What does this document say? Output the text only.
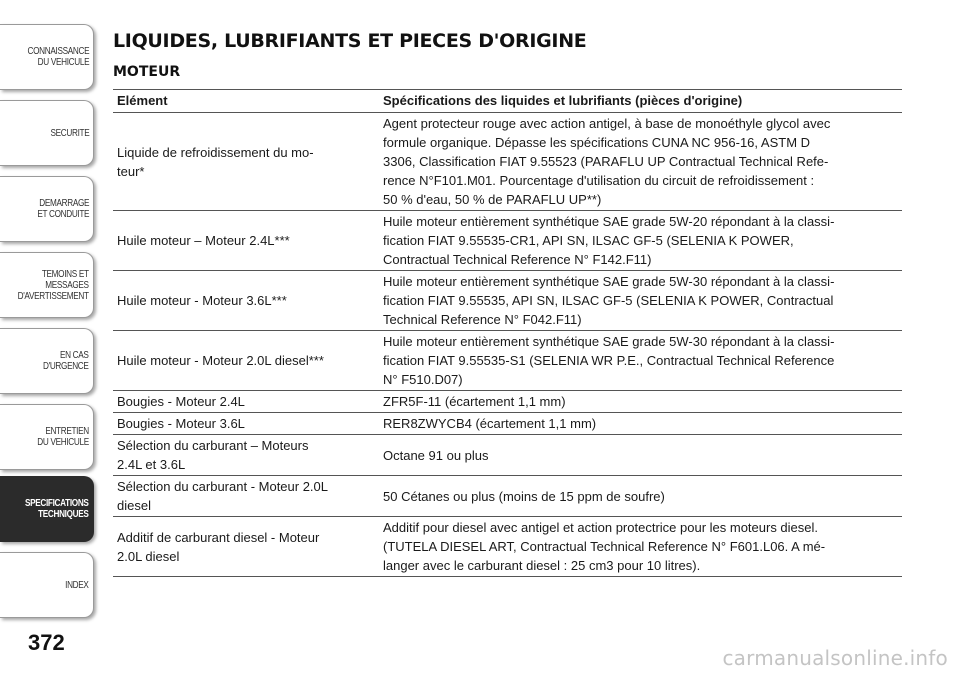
CONNAISSANCE
DU VEHICULE
SECURITE
DEMARRAGE
ET CONDUITE
TEMOINS ET
MESSAGES
D'AVERTISSEMENT
EN CAS
D'URGENCE
ENTRETIEN
DU VEHICULE
SPECIFICATIONS
TECHNIQUES
INDEX
372
LIQUIDES, LUBRIFIANTS ET PIECES D'ORIGINE
MOTEUR
Elément	Spécifications des liquides et lubrifiants (pièces d'origine)
Liquide de refroidissement du mo-
teur*	Agent protecteur rouge avec action antigel, à base de monoéthyle glycol avec
formule organique. Dépasse les spécifications CUNA NC 956-16, ASTM D
3306, Classification FIAT 9.55523 (PARAFLU UP Contractual Technical Refe-
rence N°F101.M01. Pourcentage d'utilisation du circuit de refroidissement :
50 % d'eau, 50 % de PARAFLU UP**)
Huile moteur – Moteur 2.4L***	Huile moteur entièrement synthétique SAE grade 5W-20 répondant à la classi-
fication FIAT 9.55535-CR1, API SN, ILSAC GF-5 (SELENIA K POWER,
Contractual Technical Reference N° F142.F11)
Huile moteur - Moteur 3.6L***	Huile moteur entièrement synthétique SAE grade 5W-30 répondant à la classi-
fication FIAT 9.55535, API SN, ILSAC GF-5 (SELENIA K POWER, Contractual
Technical Reference N° F042.F11)
Huile moteur - Moteur 2.0L diesel***	Huile moteur entièrement synthétique SAE grade 5W-30 répondant à la classi-
fication FIAT 9.55535-S1 (SELENIA WR P.E., Contractual Technical Reference
N° F510.D07)
Bougies - Moteur 2.4L	ZFR5F-11 (écartement 1,1 mm)
Bougies - Moteur 3.6L	RER8ZWYCB4 (écartement 1,1 mm)
Sélection du carburant – Moteurs
2.4L et 3.6L	Octane 91 ou plus
Sélection du carburant - Moteur 2.0L
diesel	50 Cétanes ou plus (moins de 15 ppm de soufre)
Additif de carburant diesel - Moteur
2.0L diesel	Additif pour diesel avec antigel et action protectrice pour les moteurs diesel.
(TUTELA DIESEL ART, Contractual Technical Reference N° F601.L06. A mé-
langer avec le carburant diesel : 25 cm3 pour 10 litres).
carmanualsonline.info
